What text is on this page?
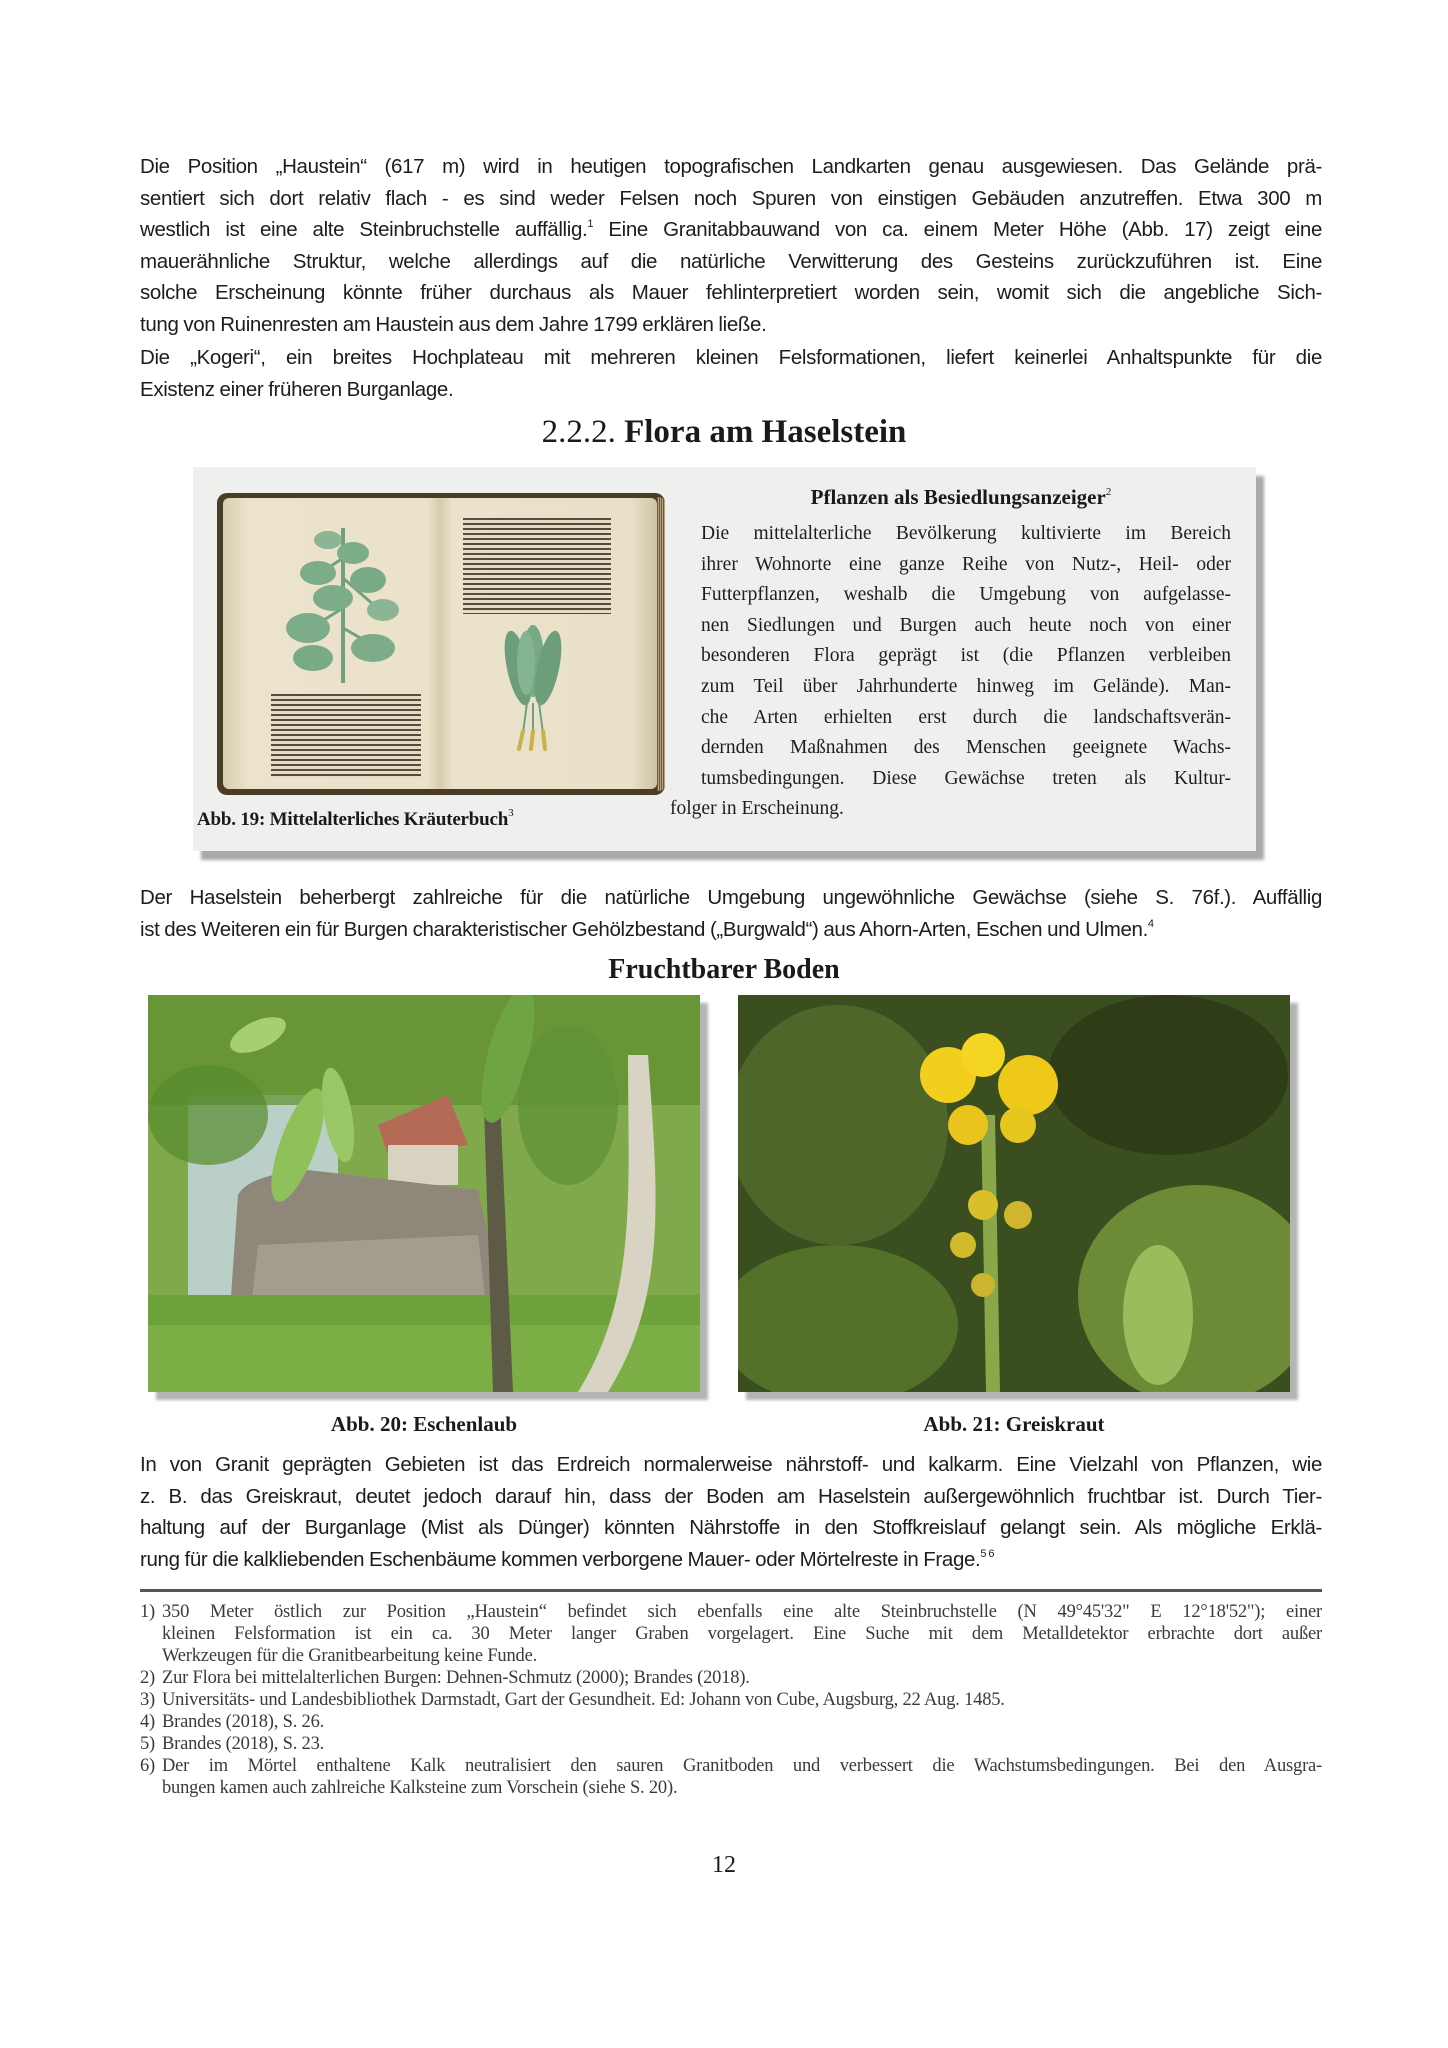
Die Position „Haustein“ (617 m) wird in heutigen topografischen Landkarten genau ausgewiesen. Das Gelände prä-
sentiert sich dort relativ flach - es sind weder Felsen noch Spuren von einstigen Gebäuden anzutreffen. Etwa 300 m
westlich ist eine alte Steinbruchstelle auffällig.$^1$ Eine Granitabbauwand von ca. einem Meter Höhe (Abb. 17) zeigt eine
mauerähnliche Struktur, welche allerdings auf die natürliche Verwitterung des Gesteins zurückzuführen ist. Eine
solche Erscheinung könnte früher durchaus als Mauer fehlinterpretiert worden sein, womit sich die angebliche Sich-
tung von Ruinenresten am Haustein aus dem Jahre 1799 erklären ließe.
Die „Kogeri“, ein breites Hochplateau mit mehreren kleinen Felsformationen, liefert keinerlei Anhaltspunkte für die
Existenz einer früheren Burganlage.
2.2.2. Flora am Haselstein
Abb. 19: Mittelalterliches Kräuterbuch$^3$
Pflanzen als Besiedlungsanzeiger$^2$
Die mittelalterliche Bevölkerung kultivierte im Bereich
ihrer Wohnorte eine ganze Reihe von Nutz-, Heil- oder
Futterpflanzen, weshalb die Umgebung von aufgelasse-
nen Siedlungen und Burgen auch heute noch von einer
besonderen Flora geprägt ist (die Pflanzen verbleiben
zum Teil über Jahrhunderte hinweg im Gelände). Man-
che Arten erhielten erst durch die landschaftsverän-
dernden Maßnahmen des Menschen geeignete Wachs-
tumsbedingungen. Diese Gewächse treten als Kultur-
folger in Erscheinung.
Der Haselstein beherbergt zahlreiche für die natürliche Umgebung ungewöhnliche Gewächse (siehe S. 76f.). Auffällig
ist des Weiteren ein für Burgen charakteristischer Gehölzbestand („Burgwald“) aus Ahorn-Arten, Eschen und Ulmen.$^4$
Fruchtbarer Boden
Abb. 20: Eschenlaub	Abb. 21: Greiskraut
In von Granit geprägten Gebieten ist das Erdreich normalerweise nährstoff- und kalkarm. Eine Vielzahl von Pflanzen, wie
z. B. das Greiskraut, deutet jedoch darauf hin, dass der Boden am Haselstein außergewöhnlich fruchtbar ist. Durch Tier-
haltung auf der Burganlage (Mist als Dünger) könnten Nährstoffe in den Stoffkreislauf gelangt sein. Als mögliche Erklä-
rung für die kalkliebenden Eschenbäume kommen verborgene Mauer- oder Mörtelreste in Frage.$^{5 6}$
1) 350 Meter östlich zur Position „Haustein“ befindet sich ebenfalls eine alte Steinbruchstelle (N 49°45'32" E 12°18'52"); einer
kleinen Felsformation ist ein ca. 30 Meter langer Graben vorgelagert. Eine Suche mit dem Metalldetektor erbrachte dort außer
Werkzeugen für die Granitbearbeitung keine Funde.
2) Zur Flora bei mittelalterlichen Burgen: Dehnen-Schmutz (2000); Brandes (2018).
3) Universitäts- und Landesbibliothek Darmstadt, Gart der Gesundheit. Ed: Johann von Cube, Augsburg, 22 Aug. 1485.
4) Brandes (2018), S. 26.
5) Brandes (2018), S. 23.
6) Der im Mörtel enthaltene Kalk neutralisiert den sauren Granitboden und verbessert die Wachstumsbedingungen. Bei den Ausgra-
bungen kamen auch zahlreiche Kalksteine zum Vorschein (siehe S. 20).
12
